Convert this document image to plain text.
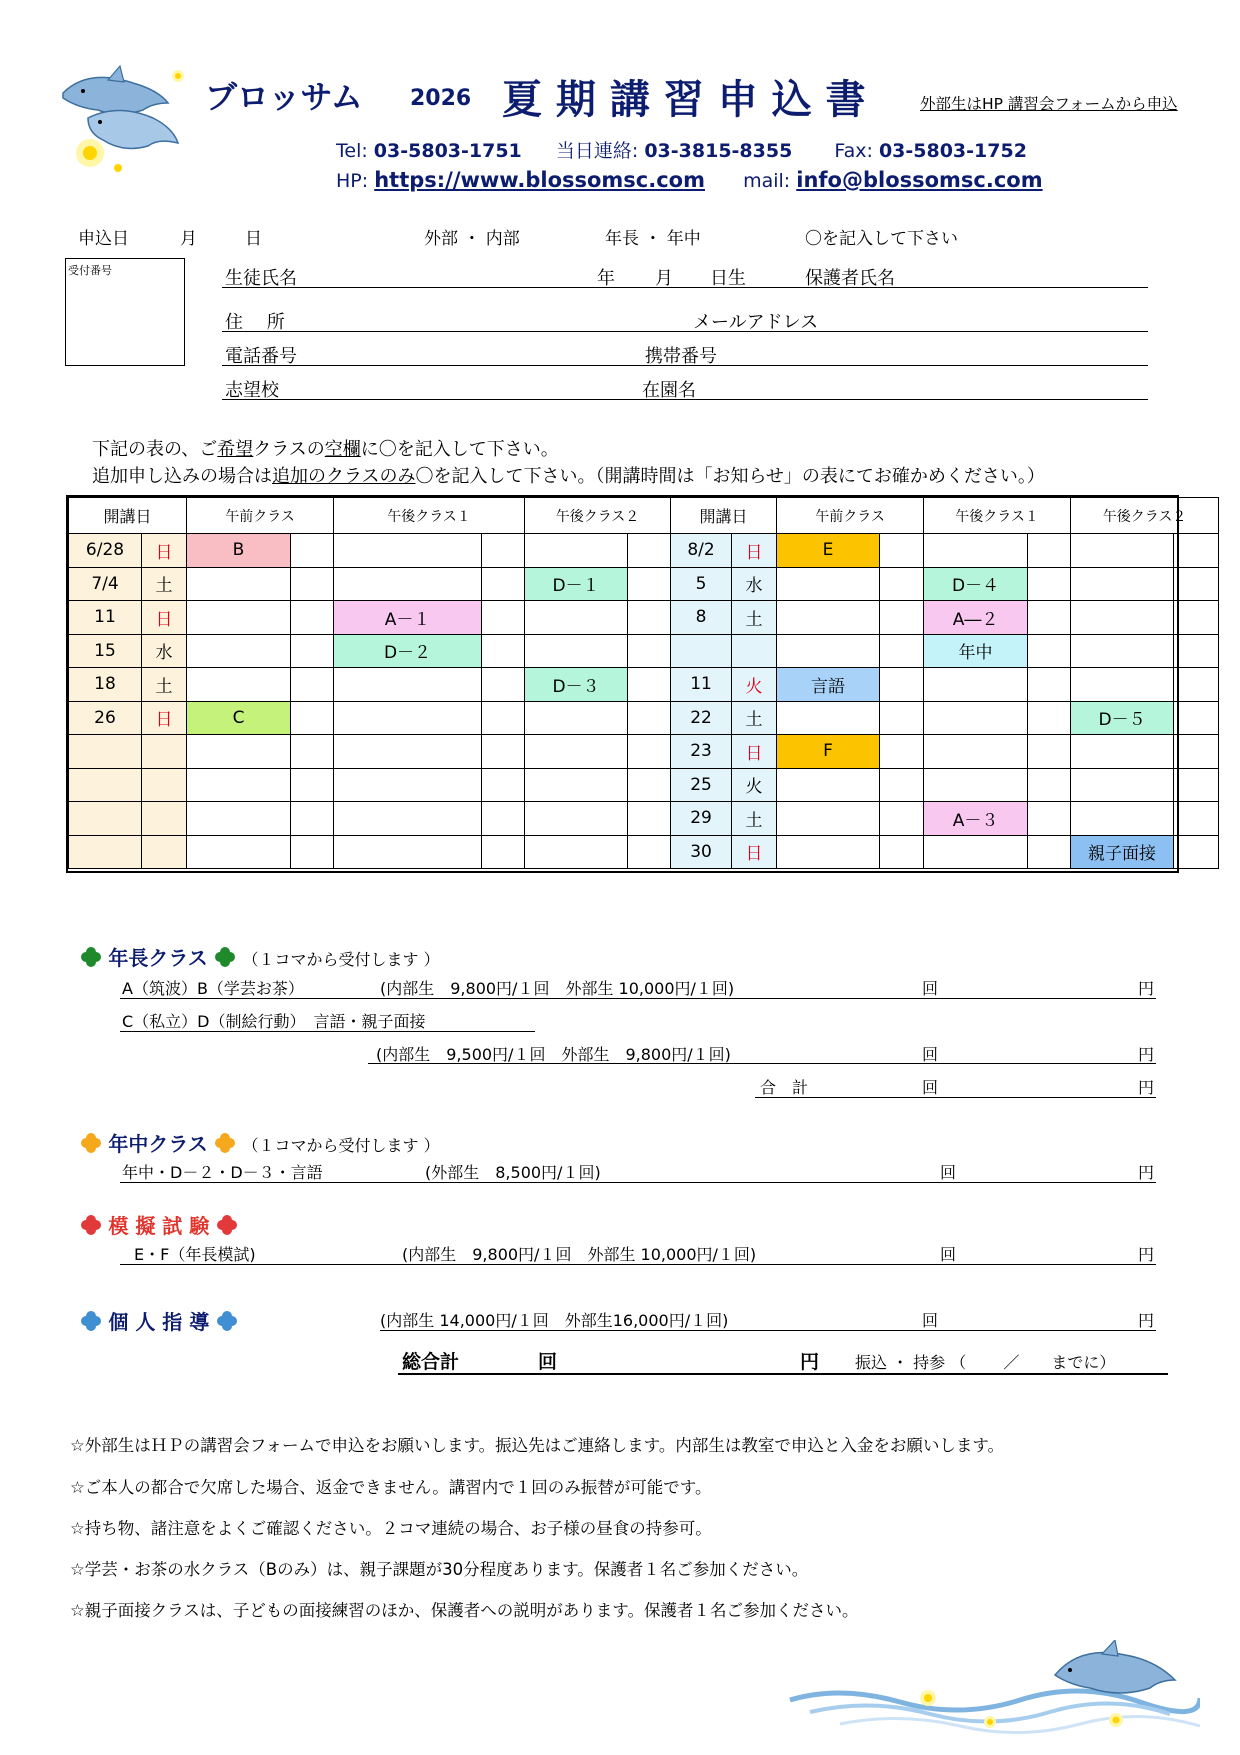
ブロッサム 2026 夏 期 講 習 申 込 書	外部生はHP 講習会フォームから申込
Tel: 03-5803-1751 当日連絡: 03-3815-8355 Fax: 03-5803-1752
HP: https://www.blossomsc.com mail: info@blossomsc.com
申込日	月	日	外部 ・ 内部	年長 ・ 年中	〇を記入して下さい
受付番号	生徒氏名	年 月 日生	保護者氏名
住　 所	メールアドレス
電話番号	携帯番号
志望校	在園名
下記の表の、ご希望クラスの空欄に〇を記入して下さい。
追加申し込みの場合は追加のクラスのみ〇を記入して下さい。（開講時間は「お知らせ」の表にてお確かめください。）
開講日		午前クラス		午後クラス１		午後クラス２		開講日		午前クラス		午後クラス１		午後クラス２	
6/28	日	B						8/2	日	E					
7/4	土					D－１		5	水			D－４			
11	日			A－１				8	土			A―２			
15	水			D－２								年中			
18	土					D－３		11	火	言語					
26	日	C						22	土					D－５	
								23	日	F					
								25	火						
								29	土			A－３			
								30	日					親子面接	
年長クラス （１コマから受付します ）
A（筑波）B（学芸お茶）	(内部生　9,800円/１回　外部生 10,000円/１回)	回	円
C（私立）D（制絵行動）　言語・親子面接
(内部生　9,500円/１回　外部生　9,800円/１回)	回	円
合　計	回	円
年中クラス （１コマから受付します ）
年中・D－２・D－３・言語	(外部生　8,500円/１回)	回	円
模 擬 試 験
E・F（年長模試)	(内部生　9,800円/１回　外部生 10,000円/１回)	回	円
個 人 指 導	(内部生 14,000円/１回　外部生16,000円/１回)	回	円
総合計	回	円 振込 ・ 持参 （　　 ／　　までに）
☆外部生はＨＰの講習会フォームで申込をお願いします。振込先はご連絡します。内部生は教室で申込と入金をお願いします。
☆ご本人の都合で欠席した場合、返金できません。講習内で１回のみ振替が可能です。
☆持ち物、諸注意をよくご確認ください。２コマ連続の場合、お子様の昼食の持参可。
☆学芸・お茶の水クラス（Bのみ）は、親子課題が30分程度あります。保護者１名ご参加ください。
☆親子面接クラスは、子どもの面接練習のほか、保護者への説明があります。保護者１名ご参加ください。
